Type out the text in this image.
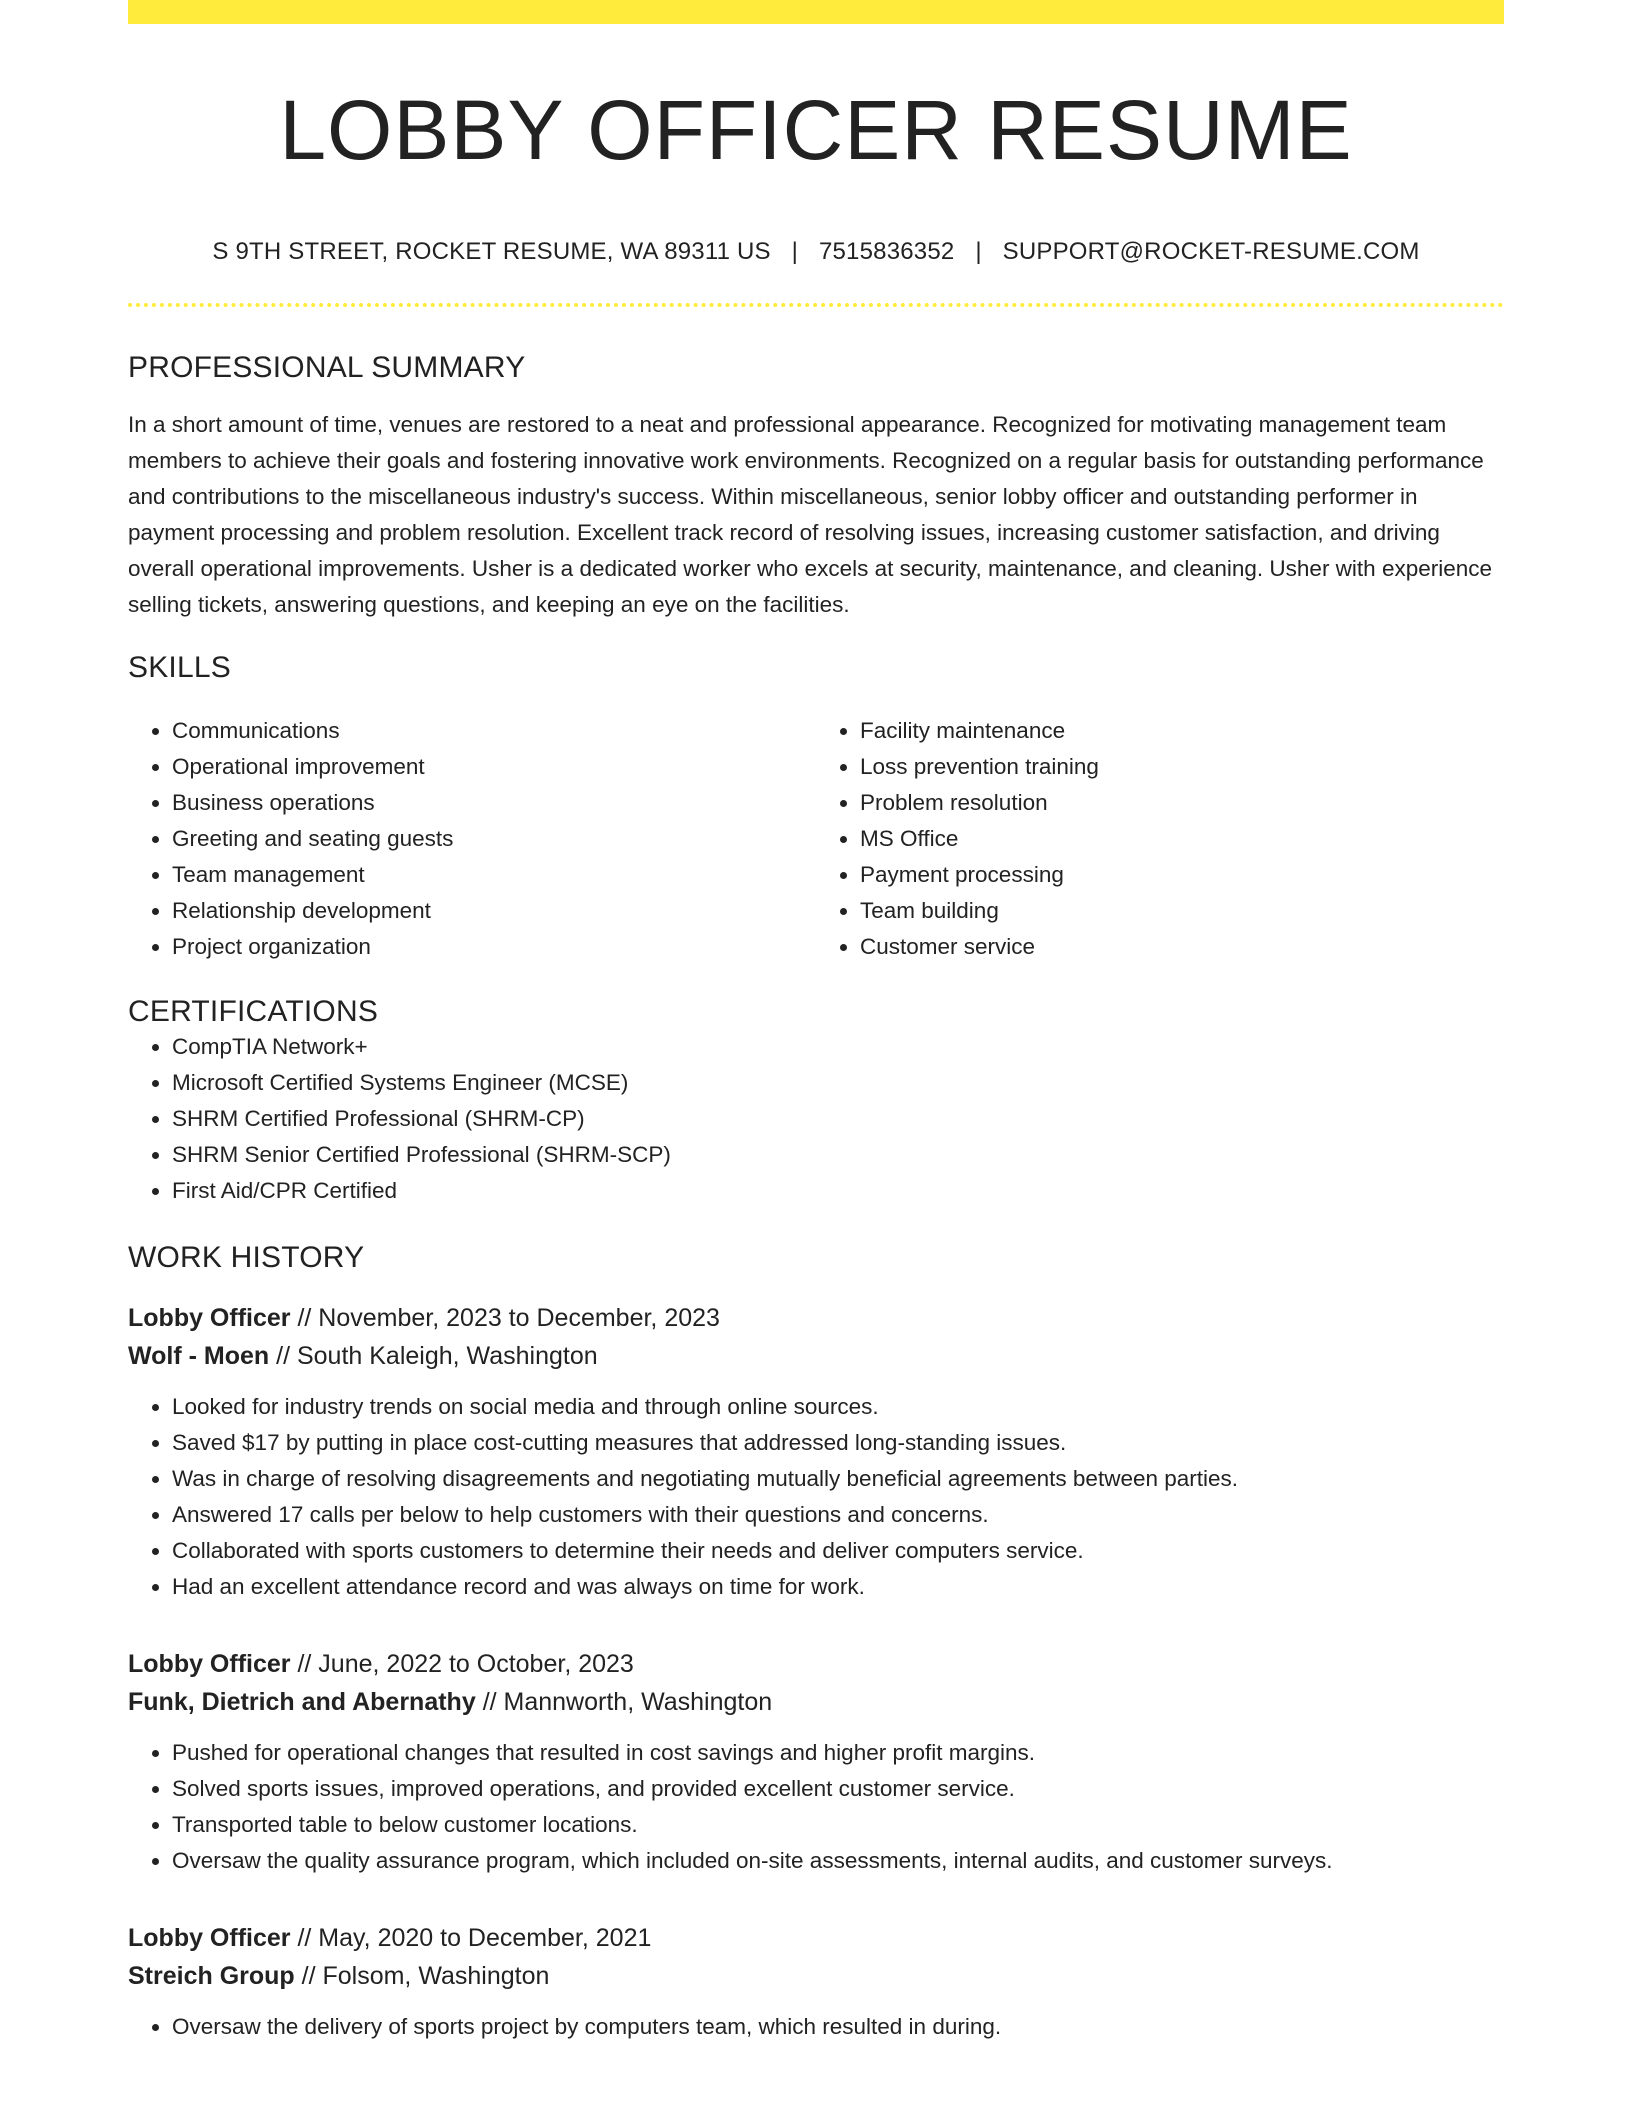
LOBBY OFFICER RESUME
S 9TH STREET, ROCKET RESUME, WA 89311 US | 7515836352 | SUPPORT@ROCKET-RESUME.COM
PROFESSIONAL SUMMARY

In a short amount of time, venues are restored to a neat and professional appearance. Recognized for motivating management team members to achieve their goals and fostering innovative work environments. Recognized on a regular basis for outstanding performance and contributions to the miscellaneous industry's success. Within miscellaneous, senior lobby officer and outstanding performer in payment processing and problem resolution. Excellent track record of resolving issues, increasing customer satisfaction, and driving overall operational improvements. Usher is a dedicated worker who excels at security, maintenance, and cleaning. Usher with experience selling tickets, answering questions, and keeping an eye on the facilities.

SKILLS
• Communications
• Operational improvement
• Business operations
• Greeting and seating guests
• Team management
• Relationship development
• Project organization
• Facility maintenance
• Loss prevention training
• Problem resolution
• MS Office
• Payment processing
• Team building
• Customer service
CERTIFICATIONS
• CompTIA Network+
• Microsoft Certified Systems Engineer (MCSE)
• SHRM Certified Professional (SHRM-CP)
• SHRM Senior Certified Professional (SHRM-SCP)
• First Aid/CPR Certified
WORK HISTORY
Lobby Officer // November, 2023 to December, 2023
Wolf - Moen // South Kaleigh, Washington
• Looked for industry trends on social media and through online sources.
• Saved $17 by putting in place cost-cutting measures that addressed long-standing issues.
• Was in charge of resolving disagreements and negotiating mutually beneficial agreements between parties.
• Answered 17 calls per below to help customers with their questions and concerns.
• Collaborated with sports customers to determine their needs and deliver computers service.
• Had an excellent attendance record and was always on time for work.
Lobby Officer // June, 2022 to October, 2023
Funk, Dietrich and Abernathy // Mannworth, Washington
• Pushed for operational changes that resulted in cost savings and higher profit margins.
• Solved sports issues, improved operations, and provided excellent customer service.
• Transported table to below customer locations.
• Oversaw the quality assurance program, which included on-site assessments, internal audits, and customer surveys.
Lobby Officer // May, 2020 to December, 2021
Streich Group // Folsom, Washington
• Oversaw the delivery of sports project by computers team, which resulted in during.
